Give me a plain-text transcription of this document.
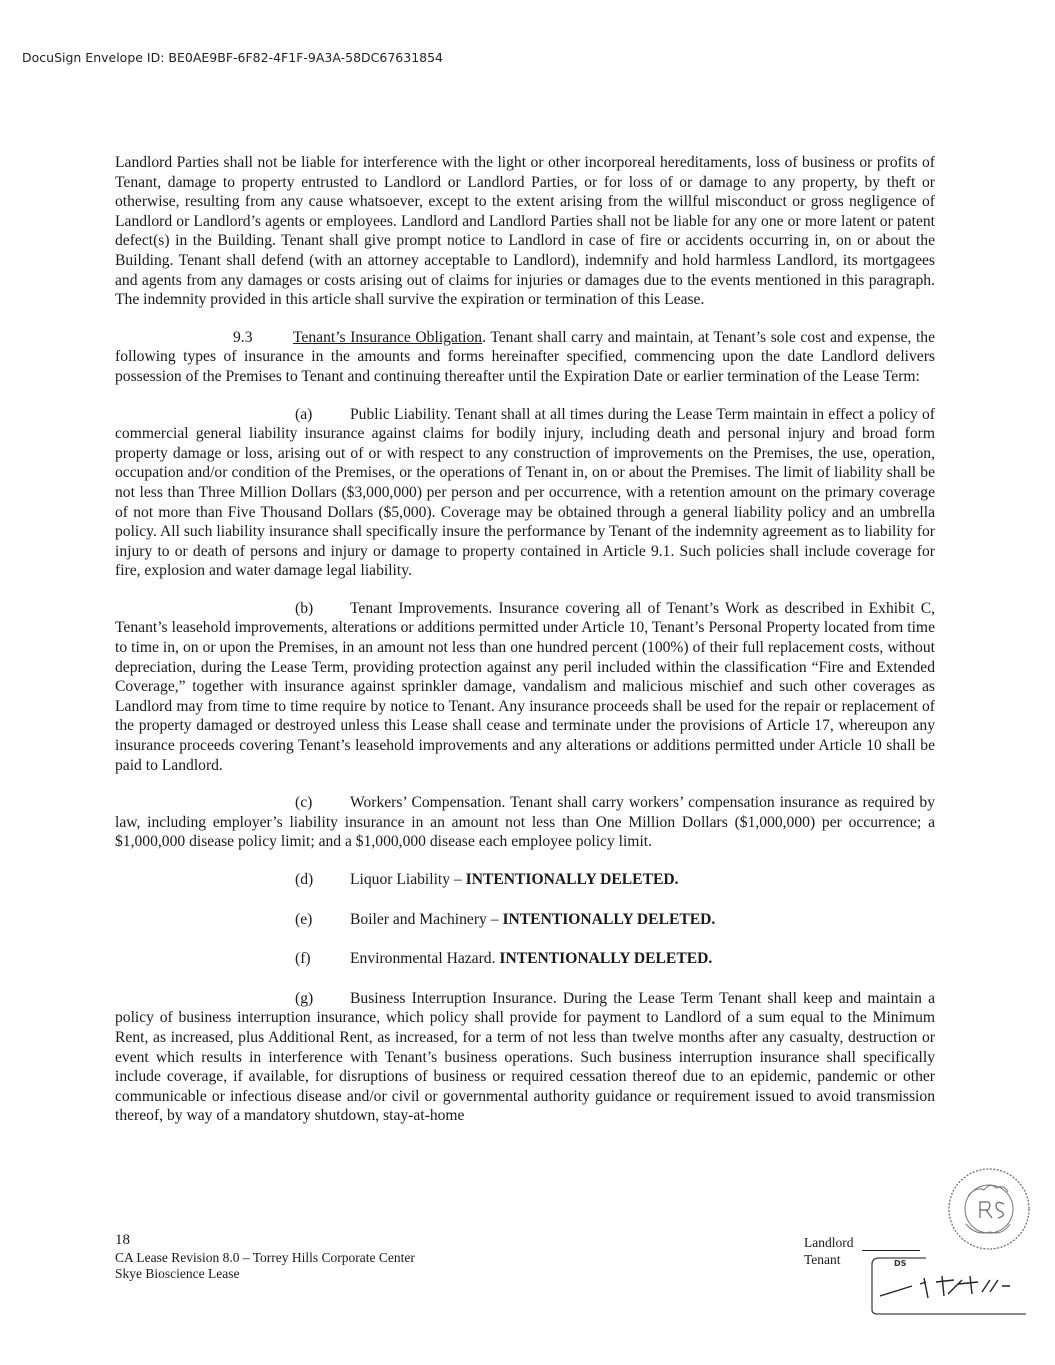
DocuSign Envelope ID: BE0AE9BF-6F82-4F1F-9A3A-58DC67631854

Landlord Parties shall not be liable for interference with the light or other incorporeal hereditaments, loss of business or profits of Tenant, damage to property entrusted to Landlord or Landlord Parties, or for loss of or damage to any property, by theft or otherwise, resulting from any cause whatsoever, except to the extent arising from the willful misconduct or gross negligence of Landlord or Landlord’s agents or employees. Landlord and Landlord Parties shall not be liable for any one or more latent or patent defect(s) in the Building. Tenant shall give prompt notice to Landlord in case of fire or accidents occurring in, on or about the Building. Tenant shall defend (with an attorney acceptable to Landlord), indemnify and hold harmless Landlord, its mortgagees and agents from any damages or costs arising out of claims for injuries or damages due to the events mentioned in this paragraph. The indemnity provided in this article shall survive the expiration or termination of this Lease.

9.3	Tenant’s Insurance Obligation. Tenant shall carry and maintain, at Tenant’s sole cost and expense, the following types of insurance in the amounts and forms hereinafter specified, commencing upon the date Landlord delivers possession of the Premises to Tenant and continuing thereafter until the Expiration Date or earlier termination of the Lease Term:

(a) Public Liability. Tenant shall at all times during the Lease Term maintain in effect a policy of commercial general liability insurance against claims for bodily injury, including death and personal injury and broad form property damage or loss, arising out of or with respect to any construction of improvements on the Premises, the use, operation, occupation and/or condition of the Premises, or the operations of Tenant in, on or about the Premises. The limit of liability shall be not less than Three Million Dollars ($3,000,000) per person and per occurrence, with a retention amount on the primary coverage of not more than Five Thousand Dollars ($5,000). Coverage may be obtained through a general liability policy and an umbrella policy. All such liability insurance shall specifically insure the performance by Tenant of the indemnity agreement as to liability for injury to or death of persons and injury or damage to property contained in Article 9.1. Such policies shall include coverage for fire, explosion and water damage legal liability.

(b) Tenant Improvements. Insurance covering all of Tenant’s Work as described in Exhibit C, Tenant’s leasehold improvements, alterations or additions permitted under Article 10, Tenant’s Personal Property located from time to time in, on or upon the Premises, in an amount not less than one hundred percent (100%) of their full replacement costs, without depreciation, during the Lease Term, providing protection against any peril included within the classification “Fire and Extended Coverage,” together with insurance against sprinkler damage, vandalism and malicious mischief and such other coverages as Landlord may from time to time require by notice to Tenant. Any insurance proceeds shall be used for the repair or replacement of the property damaged or destroyed unless this Lease shall cease and terminate under the provisions of Article 17, whereupon any insurance proceeds covering Tenant’s leasehold improvements and any alterations or additions permitted under Article 10 shall be paid to Landlord.

(c) Workers’ Compensation. Tenant shall carry workers’ compensation insurance as required by law, including employer’s liability insurance in an amount not less than One Million Dollars ($1,000,000) per occurrence; a $1,000,000 disease policy limit; and a $1,000,000 disease each employee policy limit.

(d) Liquor Liability – INTENTIONALLY DELETED.

(e) Boiler and Machinery – INTENTIONALLY DELETED.

(f)	Environmental Hazard. INTENTIONALLY DELETED.

(g) Business Interruption Insurance. During the Lease Term Tenant shall keep and maintain a policy of business interruption insurance, which policy shall provide for payment to Landlord of a sum equal to the Minimum Rent, as increased, plus Additional Rent, as increased, for a term of not less than twelve months after any casualty, destruction or event which results in interference with Tenant’s business operations. Such business interruption insurance shall specifically include coverage, if available, for disruptions of business or required cessation thereof due to an epidemic, pandemic or other communicable or infectious disease and/or civil or governmental authority guidance or requirement issued to avoid transmission thereof, by way of a mandatory shutdown, stay-at-home

18
CA Lease Revision 8.0 – Torrey Hills Corporate Center
Skye Bioscience Lease
Landlord
Tenant	DS
